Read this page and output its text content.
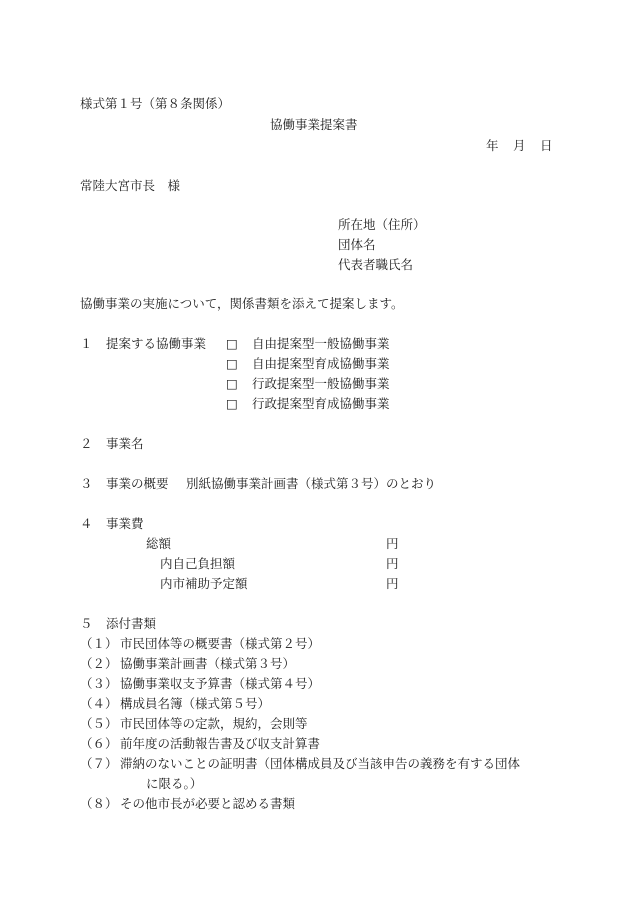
様式第１号（第８条関係）
協働事業提案書
年 月 日
常陸大宮市長　様
所在地（住所）
団体名
代表者職氏名
協働事業の実施について，関係書類を添えて提案します。
１ 提案する協働事業 □ 自由提案型一般協働事業
□ 自由提案型育成協働事業
□ 行政提案型一般協働事業
□ 行政提案型育成協働事業
２ 事業名
３ 事業の概要 別紙協働事業計画書（様式第３号）のとおり
４ 事業費
総額	円
内自己負担額	円
内市補助予定額	円
５ 添付書類
（１） 市民団体等の概要書（様式第２号）
（２） 協働事業計画書（様式第３号）
（３） 協働事業収支予算書（様式第４号）
（４） 構成員名簿（様式第５号）
（５） 市民団体等の定款，規約，会則等
（６） 前年度の活動報告書及び収支計算書
（７） 滞納のないことの証明書（団体構成員及び当該申告の義務を有する団体
に限る。）
（８） その他市長が必要と認める書類
